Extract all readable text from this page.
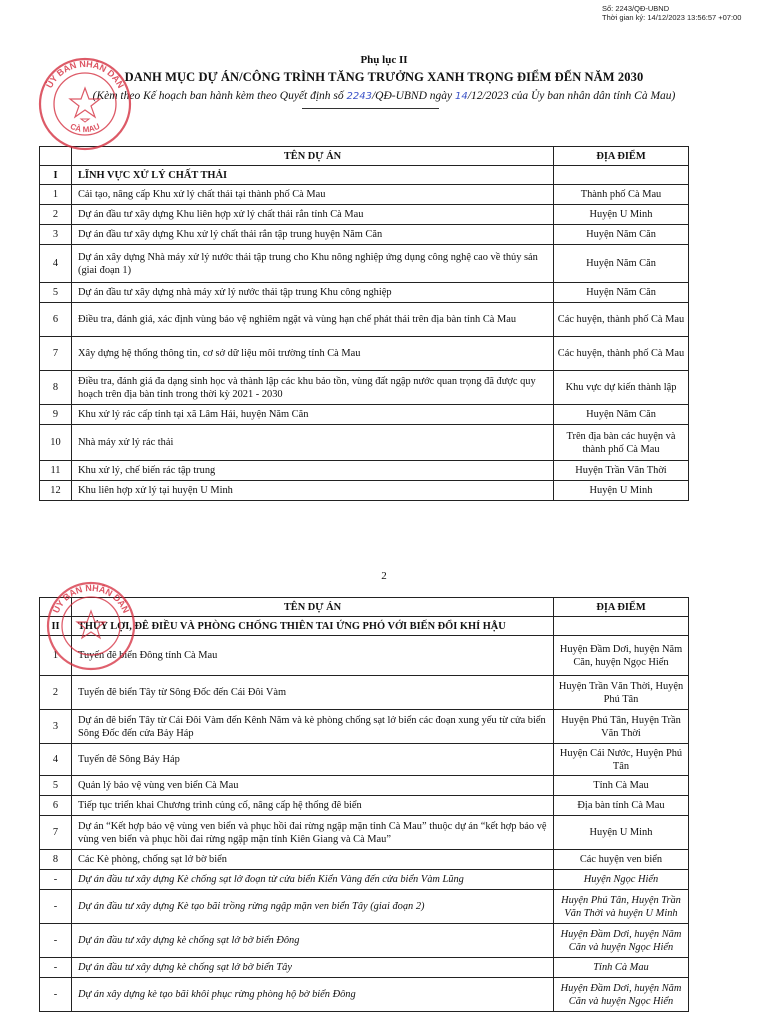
Số: 2243/QĐ-UBND
Thời gian ký: 14/12/2023 13:56:57 +07:00
Phụ lục II
DANH MỤC DỰ ÁN/CÔNG TRÌNH TĂNG TRƯỞNG XANH TRỌNG ĐIỂM ĐẾN NĂM 2030
(Kèm theo Kế hoạch ban hành kèm theo Quyết định số 2243/QĐ-UBND ngày 14/12/2023 của Ủy ban nhân dân tỉnh Cà Mau)
	TÊN DỰ ÁN	ĐỊA ĐIỂM
I	LĨNH VỰC XỬ LÝ CHẤT THẢI	
1	Cải tạo, nâng cấp Khu xử lý chất thải tại thành phố Cà Mau	Thành phố Cà Mau
2	Dự án đầu tư xây dựng Khu liên hợp xử lý chất thải rắn tỉnh Cà Mau	Huyện U Minh
3	Dự án đầu tư xây dựng Khu xử lý chất thải rắn tập trung huyện Năm Căn	Huyện Năm Căn
4	Dự án xây dựng Nhà máy xử lý nước thải tập trung cho Khu nông nghiệp ứng dụng công nghệ cao về thủy sản (giai đoạn 1)	Huyện Năm Căn
5	Dự án đầu tư xây dựng nhà máy xử lý nước thải tập trung Khu công nghiệp	Huyện Năm Căn
6	Điều tra, đánh giá, xác định vùng bảo vệ nghiêm ngặt và vùng hạn chế phát thải trên địa bàn tỉnh Cà Mau	Các huyện, thành phố Cà Mau
7	Xây dựng hệ thống thông tin, cơ sở dữ liệu môi trường tỉnh Cà Mau	Các huyện, thành phố Cà Mau
8	Điều tra, đánh giá đa dạng sinh học và thành lập các khu bảo tồn, vùng đất ngập nước quan trọng đã được quy hoạch trên địa bàn tỉnh trong thời kỳ 2021 - 2030	Khu vực dự kiến thành lập
9	Khu xử lý rác cấp tỉnh tại xã Lâm Hải, huyện Năm Căn	Huyện Năm Căn
10	Nhà máy xử lý rác thải	Trên địa bàn các huyện và thành phố Cà Mau
11	Khu xử lý, chế biến rác tập trung	Huyện Trần Văn Thời
12	Khu liên hợp xử lý tại huyện U Minh	Huyện U Minh
2
	TÊN DỰ ÁN	ĐỊA ĐIỂM
II	THỦY LỢI, ĐÊ ĐIỀU VÀ PHÒNG CHỐNG THIÊN TAI ỨNG PHÓ VỚI BIẾN ĐỔI KHÍ HẬU	
1	Tuyến đê biển Đông tỉnh Cà Mau	Huyện Đầm Dơi, huyện Năm Căn, huyện Ngọc Hiển
2	Tuyến đê biển Tây từ Sông Đốc đến Cái Đôi Vàm	Huyện Trần Văn Thời, Huyện Phú Tân
3	Dự án đê biển Tây từ Cái Đôi Vàm đến Kênh Năm và kè phòng chống sạt lở biển các đoạn xung yếu từ cửa biển Sông Đốc đến cửa Bảy Háp	Huyện Phú Tân, Huyện Trần Văn Thời
4	Tuyến đê Sông Bảy Háp	Huyện Cái Nước, Huyện Phú Tân
5	Quản lý bảo vệ vùng ven biển Cà Mau	Tỉnh Cà Mau
6	Tiếp tục triển khai Chương trình củng cố, nâng cấp hệ thống đê biển	Địa bàn tỉnh Cà Mau
7	Dự án “Kết hợp bảo vệ vùng ven biển và phục hồi đai rừng ngập mặn tỉnh Cà Mau” thuộc dự án “kết hợp bảo vệ vùng ven biển và phục hồi đai rừng ngập mặn tỉnh Kiên Giang và Cà Mau”	Huyện U Minh
8	Các Kè phòng, chống sạt lở bờ biển	Các huyện ven biển
-	Dự án đầu tư xây dựng Kè chống sạt lở đoạn từ cửa biển Kiển Vàng đến cửa biển Vàm Lũng	Huyện Ngọc Hiển
-	Dự án đầu tư xây dựng Kè tạo bãi trồng rừng ngập mặn ven biển Tây (giai đoạn 2)	Huyện Phú Tân, Huyện Trần Văn Thời và huyện U Minh
-	Dự án đầu tư xây dựng kè chống sạt lở bờ biển Đông	Huyện Đầm Dơi, huyện Năm Căn và huyện Ngọc Hiển
-	Dự án đầu tư xây dựng kè chống sạt lở bờ biển Tây	Tỉnh Cà Mau
-	Dự án xây dựng kè tạo bãi khôi phục rừng phòng hộ bờ biển Đông	Huyện Đầm Dơi, huyện Năm Căn và huyện Ngọc Hiển
ỦY BAN NHÂN DÂN
CÀ MAU
ỦY BAN NHÂN DÂN
